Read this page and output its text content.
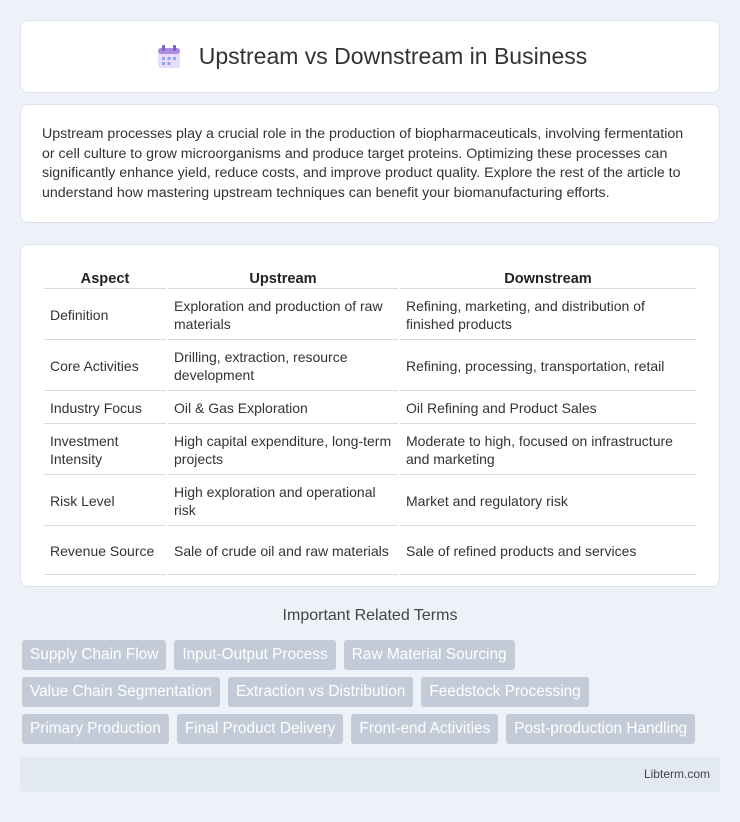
Upstream vs Downstream in Business

Upstream processes play a crucial role in the production of biopharmaceuticals, involving fermentation or cell culture to grow microorganisms and produce target proteins. Optimizing these processes can significantly enhance yield, reduce costs, and improve product quality. Explore the rest of the article to understand how mastering upstream techniques can benefit your biomanufacturing efforts.

Aspect	Upstream	Downstream
Definition	Exploration and production of raw materials	Refining, marketing, and distribution of finished products
Core Activities	Drilling, extraction, resource development	Refining, processing, transportation, retail
Industry Focus	Oil & Gas Exploration	Oil Refining and Product Sales
Investment Intensity	High capital expenditure, long-term projects	Moderate to high, focused on infrastructure and marketing
Risk Level	High exploration and operational risk	Market and regulatory risk
Revenue Source	Sale of crude oil and raw materials	Sale of refined products and services
Important Related Terms
Supply Chain Flow	Input-Output Process	Raw Material Sourcing
Value Chain Segmentation	Extraction vs Distribution	Feedstock Processing
Primary Production	Final Product Delivery	Front-end Activities	Post-production Handling
Libterm.com
